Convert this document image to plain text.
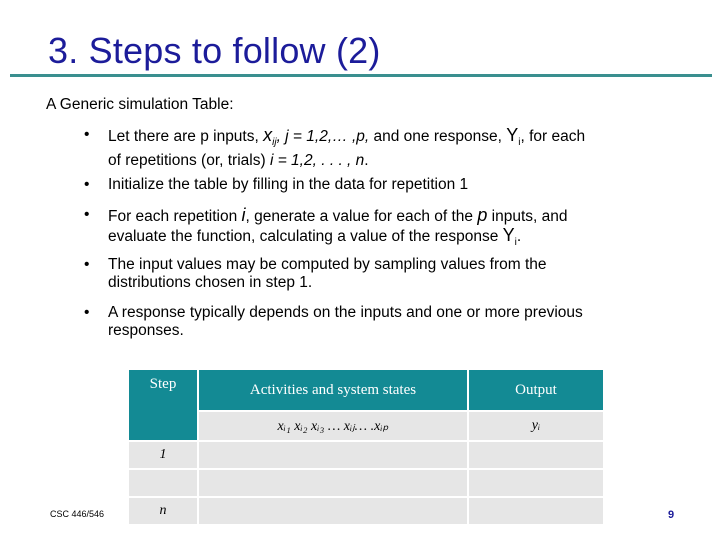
3. Steps to follow (2)
A Generic simulation Table:
•	Let there are p inputs, $x_{ij}$, j = 1,2,… ,p, and one response, $Y_i$, for each
of repetitions (or, trials) i = 1,2, . . . , n.
•	Initialize the table by filling in the data for repetition 1
•	For each repetition i, generate a value for each of the p inputs, and
evaluate the function, calculating a value of the response $Y_i$.
•	The input values may be computed by sampling values from the
distributions chosen in step 1.
•	A response typically depends on the inputs and one or more previous
responses.
Step	Activities and system states	Output
	xᵢ₁ xᵢ₂ xᵢ₃ … xᵢⱼ… .xᵢₚ	yᵢ
1		

n		
CSC 446/546	9
